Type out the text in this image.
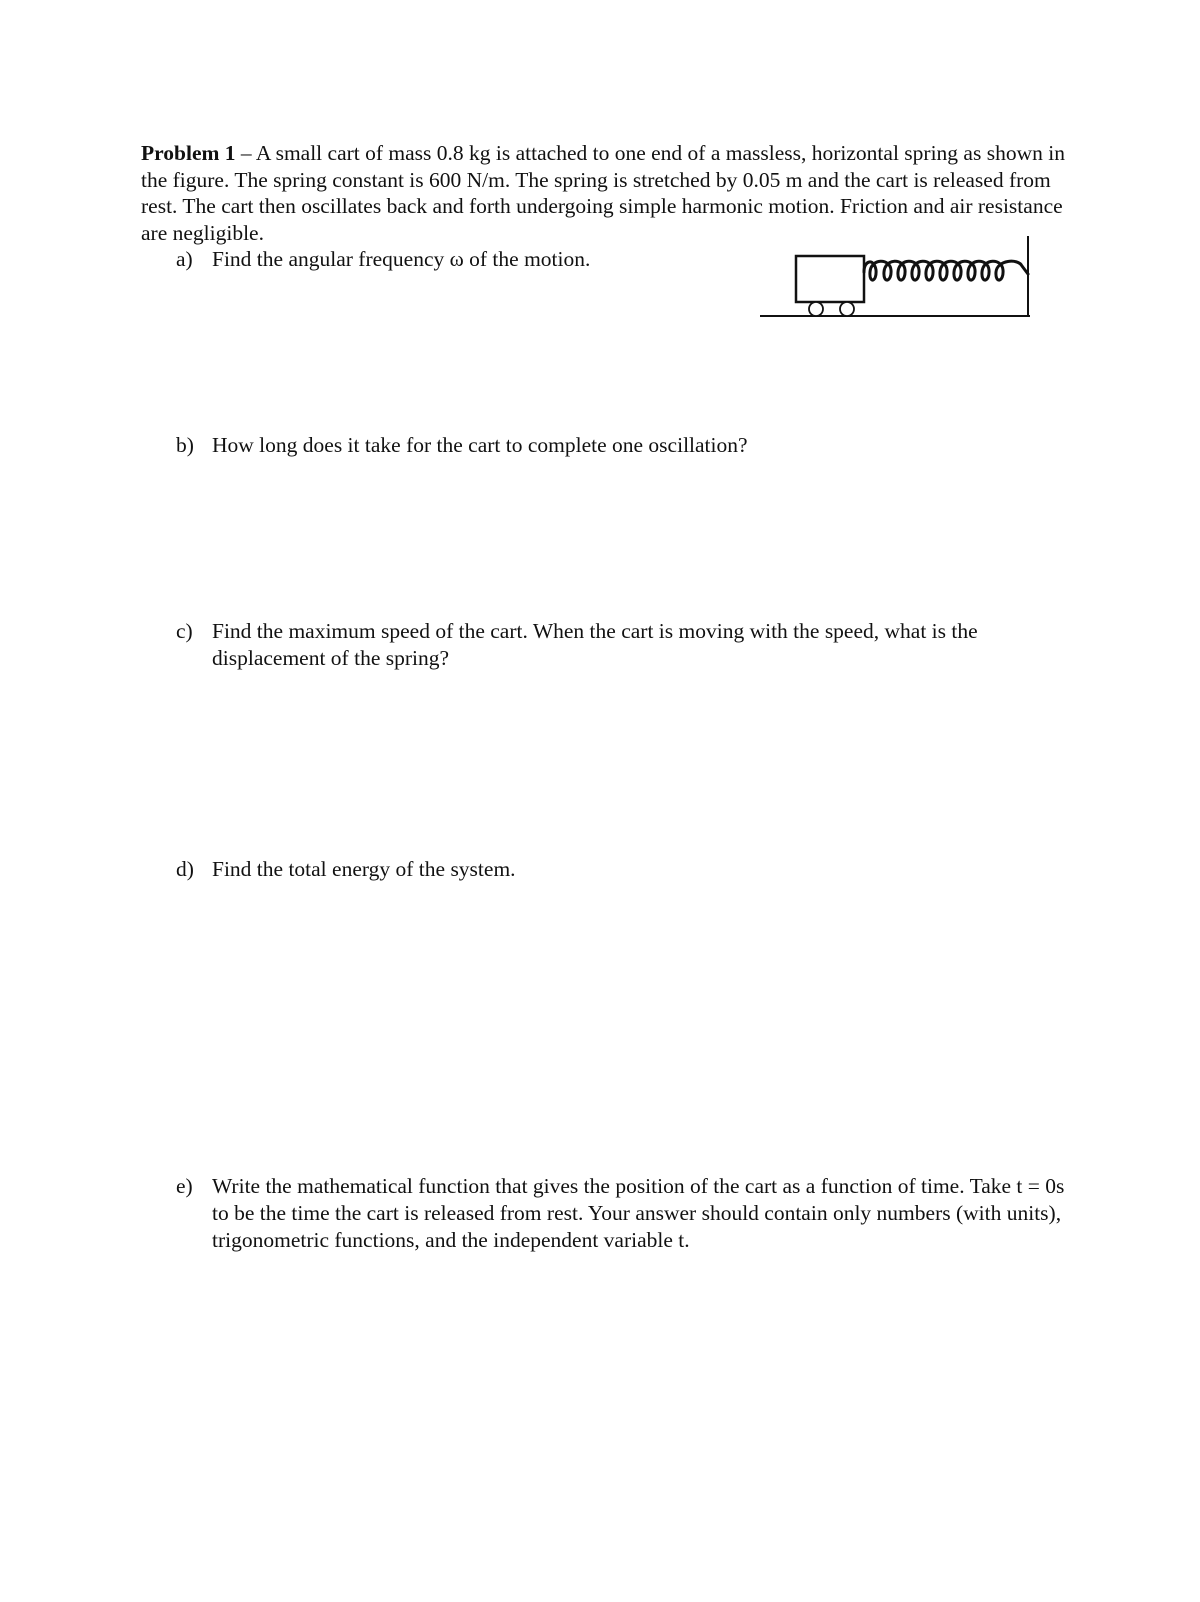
Problem 1 – A small cart of mass 0.8 kg is attached to one end of a massless, horizontal spring as shown in the figure. The spring constant is 600 N/m. The spring is stretched by 0.05 m and the cart is released from rest. The cart then oscillates back and forth undergoing simple harmonic motion. Friction and air resistance are negligible.
a) Find the angular frequency ω of the motion.
b) How long does it take for the cart to complete one oscillation?
c) Find the maximum speed of the cart. When the cart is moving with the speed, what is the displacement of the spring?
d) Find the total energy of the system.
e) Write the mathematical function that gives the position of the cart as a function of time. Take t = 0s to be the time the cart is released from rest. Your answer should contain only numbers (with units), trigonometric functions, and the independent variable t.
